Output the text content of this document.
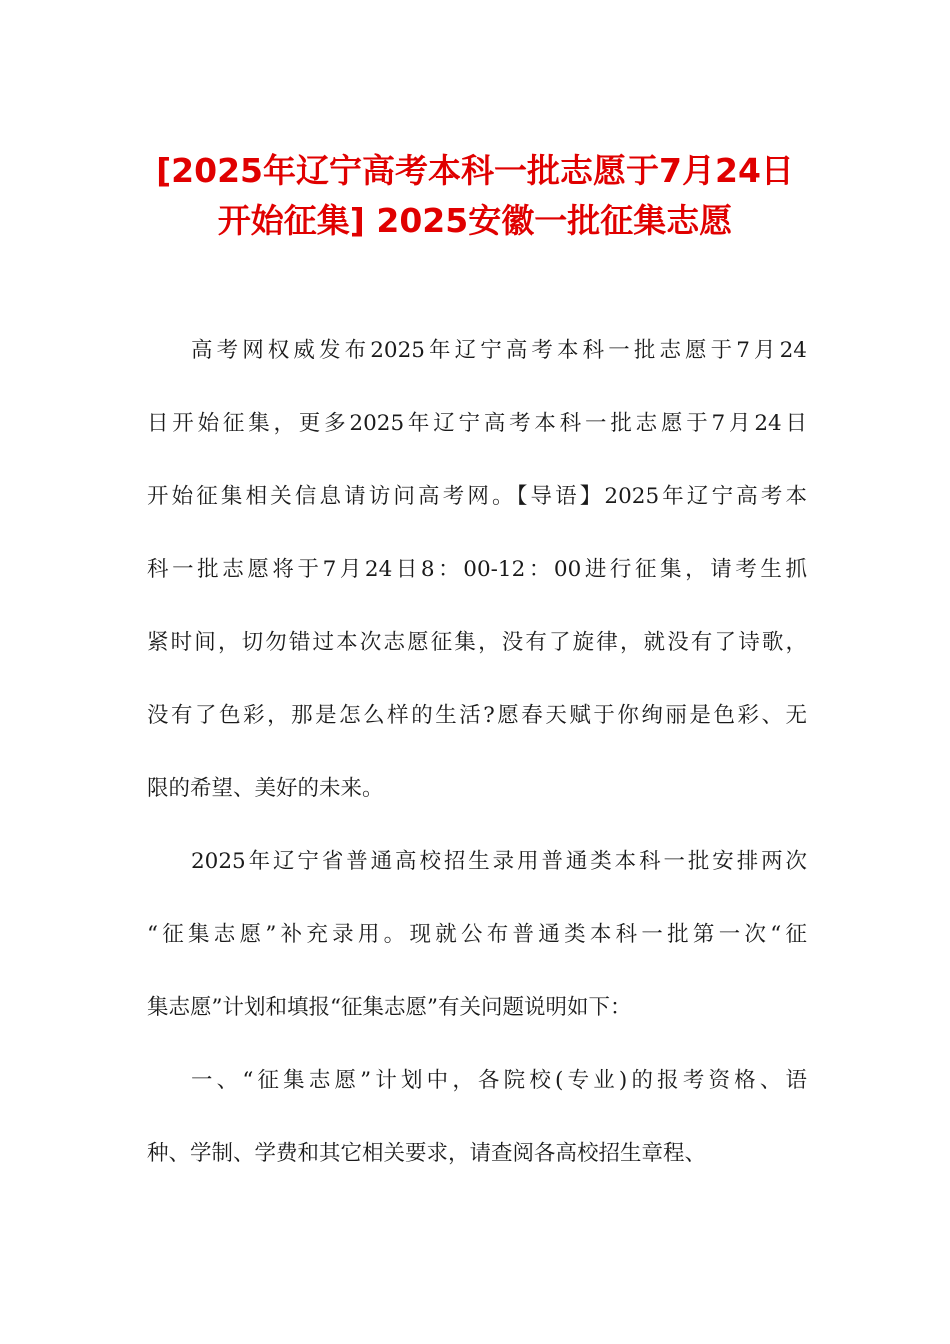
[2025年辽宁高考本科一批志愿于7月24日
开始征集] 2025安徽一批征集志愿

高考网权威发布2025年辽宁高考本科一批志愿于7月24
日开始征集，更多2025年辽宁高考本科一批志愿于7月24日
开始征集相关信息请访问高考网。【导语】2025年辽宁高考本
科一批志愿将于7月24日8：00-12：00进行征集，请考生抓
紧时间，切勿错过本次志愿征集，没有了旋律，就没有了诗歌，
没有了色彩，那是怎么样的生活?愿春天赋于你绚丽是色彩、无
限的希望、美好的未来。

2025年辽宁省普通高校招生录用普通类本科一批安排两次
“征集志愿”补充录用。现就公布普通类本科一批第一次“征
集志愿”计划和填报“征集志愿”有关问题说明如下：

一、“征集志愿”计划中，各院校(专业)的报考资格、语
种、学制、学费和其它相关要求，请查阅各高校招生章程、
